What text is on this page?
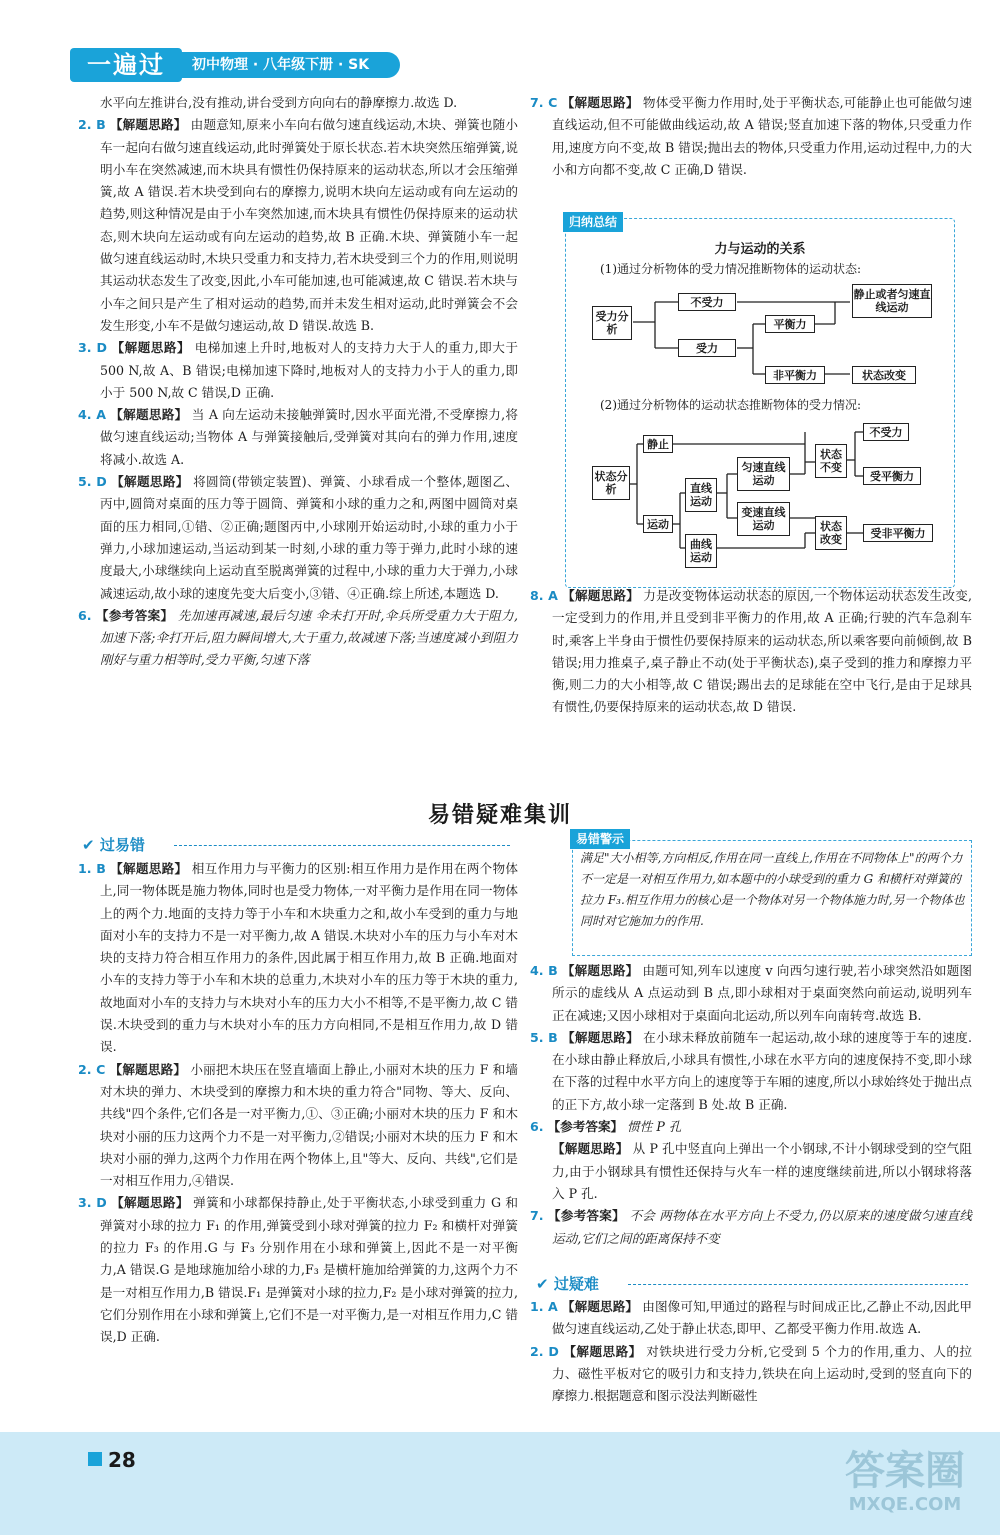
一遍过	初中物理 · 八年级下册 · SK

水平向左推讲台,没有推动,讲台受到方向向右的静摩擦力.故选 D.

2. B 【解题思路】 由题意知,原来小车向右做匀速直线运动,木块、弹簧也随小车一起向右做匀速直线运动,此时弹簧处于原长状态.若木块突然压缩弹簧,说明小车在突然减速,而木块具有惯性仍保持原来的运动状态,所以才会压缩弹簧,故 A 错误.若木块受到向右的摩擦力,说明木块向左运动或有向左运动的趋势,则这种情况是由于小车突然加速,而木块具有惯性仍保持原来的运动状态,则木块向左运动或有向左运动的趋势,故 B 正确.木块、弹簧随小车一起做匀速直线运动时,木块只受重力和支持力,若木块受到三个力的作用,则说明其运动状态发生了改变,因此,小车可能加速,也可能减速,故 C 错误.若木块与小车之间只是产生了相对运动的趋势,而并未发生相对运动,此时弹簧会不会发生形变,小车不是做匀速运动,故 D 错误.故选 B.

3. D 【解题思路】 电梯加速上升时,地板对人的支持力大于人的重力,即大于 500 N,故 A、B 错误;电梯加速下降时,地板对人的支持力小于人的重力,即小于 500 N,故 C 错误,D 正确.

4. A 【解题思路】 当 A 向左运动未接触弹簧时,因水平面光滑,不受摩擦力,将做匀速直线运动;当物体 A 与弹簧接触后,受弹簧对其向右的弹力作用,速度将减小.故选 A.

5. D 【解题思路】 将圆筒(带锁定装置)、弹簧、小球看成一个整体,题图乙、丙中,圆筒对桌面的压力等于圆筒、弹簧和小球的重力之和,两图中圆筒对桌面的压力相同,①错、②正确;题图丙中,小球刚开始运动时,小球的重力小于弹力,小球加速运动,当运动到某一时刻,小球的重力等于弹力,此时小球的速度最大,小球继续向上运动直至脱离弹簧的过程中,小球的重力大于弹力,小球减速运动,故小球的速度先变大后变小,③错、④正确.综上所述,本题选 D.

6. 【参考答案】 先加速再减速,最后匀速 伞未打开时,伞兵所受重力大于阻力,加速下落;伞打开后,阻力瞬间增大,大于重力,故减速下落;当速度减小到阻力刚好与重力相等时,受力平衡,匀速下落

7. C 【解题思路】 物体受平衡力作用时,处于平衡状态,可能静止也可能做匀速直线运动,但不可能做曲线运动,故 A 错误;竖直加速下落的物体,只受重力作用,速度方向不变,故 B 错误;抛出去的物体,只受重力作用,运动过程中,力的大小和方向都不变,故 C 正确,D 错误.

归纳总结
力与运动的关系
(1)通过分析物体的受力情况推断物体的运动状态:
受力分析
不受力
受力
平衡力
非平衡力
静止或者匀速直线运动
状态改变
(2)通过分析物体的运动状态推断物体的受力情况:
状态分析
静止
运动
直线运动
曲线运动
匀速直线运动
变速直线运动
状态不变
状态改变
不受力
受平衡力
受非平衡力

8. A 【解题思路】 力是改变物体运动状态的原因,一个物体运动状态发生改变,一定受到力的作用,并且受到非平衡力的作用,故 A 正确;行驶的汽车急刹车时,乘客上半身由于惯性仍要保持原来的运动状态,所以乘客要向前倾倒,故 B 错误;用力推桌子,桌子静止不动(处于平衡状态),桌子受到的推力和摩擦力平衡,则二力的大小相等,故 C 错误;踢出去的足球能在空中飞行,是由于足球具有惯性,仍要保持原来的运动状态,故 D 错误.

易错疑难集训
✔ 过易错

1. B 【解题思路】 相互作用力与平衡力的区别:相互作用力是作用在两个物体上,同一物体既是施力物体,同时也是受力物体,一对平衡力是作用在同一物体上的两个力.地面的支持力等于小车和木块重力之和,故小车受到的重力与地面对小车的支持力不是一对平衡力,故 A 错误.木块对小车的压力与小车对木块的支持力符合相互作用力的条件,因此属于相互作用力,故 B 正确.地面对小车的支持力等于小车和木块的总重力,木块对小车的压力等于木块的重力,故地面对小车的支持力与木块对小车的压力大小不相等,不是平衡力,故 C 错误.木块受到的重力与木块对小车的压力方向相同,不是相互作用力,故 D 错误.

2. C 【解题思路】 小丽把木块压在竖直墙面上静止,小丽对木块的压力 F 和墙对木块的弹力、木块受到的摩擦力和木块的重力符合"同物、等大、反向、共线"四个条件,它们各是一对平衡力,①、③正确;小丽对木块的压力 F 和木块对小丽的压力这两个力不是一对平衡力,②错误;小丽对木块的压力 F 和木块对小丽的弹力,这两个力作用在两个物体上,且"等大、反向、共线",它们是一对相互作用力,④错误.

3. D 【解题思路】 弹簧和小球都保持静止,处于平衡状态,小球受到重力 G 和弹簧对小球的拉力 F₁ 的作用,弹簧受到小球对弹簧的拉力 F₂ 和横杆对弹簧的拉力 F₃ 的作用.G 与 F₃ 分别作用在小球和弹簧上,因此不是一对平衡力,A 错误.G 是地球施加给小球的力,F₃ 是横杆施加给弹簧的力,这两个力不是一对相互作用力,B 错误.F₁ 是弹簧对小球的拉力,F₂ 是小球对弹簧的拉力,它们分别作用在小球和弹簧上,它们不是一对平衡力,是一对相互作用力,C 错误,D 正确.

易错警示
满足"大小相等,方向相反,作用在同一直线上,作用在不同物体上"的两个力不一定是一对相互作用力,如本题中的小球受到的重力 G 和横杆对弹簧的拉力 F₃.相互作用力的核心是一个物体对另一个物体施力时,另一个物体也同时对它施加力的作用.

4. B 【解题思路】 由题可知,列车以速度 v 向西匀速行驶,若小球突然沿如题图所示的虚线从 A 点运动到 B 点,即小球相对于桌面突然向前运动,说明列车正在减速;又因小球相对于桌面向北运动,所以列车向南转弯.故选 B.

5. B 【解题思路】 在小球未释放前随车一起运动,故小球的速度等于车的速度.在小球由静止释放后,小球具有惯性,小球在水平方向的速度保持不变,即小球在下落的过程中水平方向上的速度等于车厢的速度,所以小球始终处于抛出点的正下方,故小球一定落到 B 处.故 B 正确.

6. 【参考答案】 惯性 P 孔

【解题思路】 从 P 孔中竖直向上弹出一个小钢球,不计小钢球受到的空气阻力,由于小钢球具有惯性还保持与火车一样的速度继续前进,所以小钢球将落入 P 孔.

7. 【参考答案】 不会 两物体在水平方向上不受力,仍以原来的速度做匀速直线运动,它们之间的距离保持不变

✔ 过疑难

1. A 【解题思路】 由图像可知,甲通过的路程与时间成正比,乙静止不动,因此甲做匀速直线运动,乙处于静止状态,即甲、乙都受平衡力作用.故选 A.

2. D 【解题思路】 对铁块进行受力分析,它受到 5 个力的作用,重力、人的拉力、磁性平板对它的吸引力和支持力,铁块在向上运动时,受到的竖直向下的摩擦力.根据题意和图示没法判断磁性

28	答案圈
MXQE.COM
